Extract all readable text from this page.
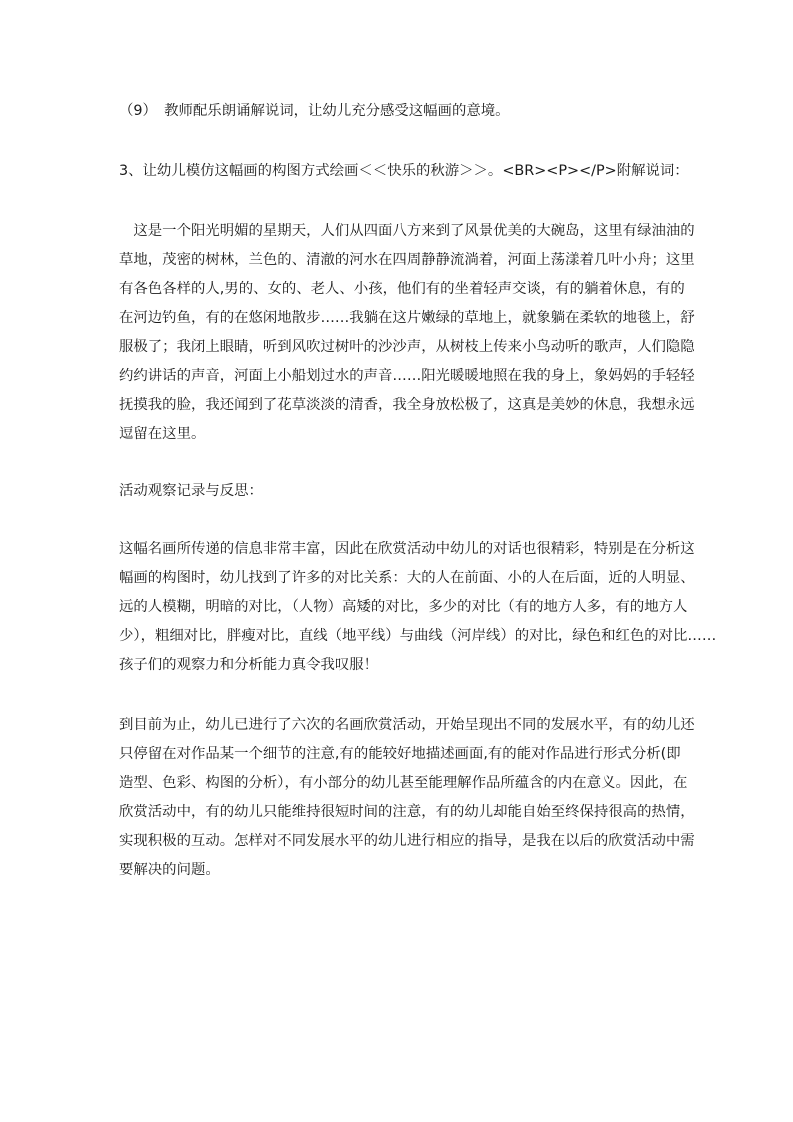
（9）　教师配乐朗诵解说词，让幼儿充分感受这幅画的意境。

3、让幼儿模仿这幅画的构图方式绘画＜＜快乐的秋游＞＞。<BR><P></P>附解说词：

　这是一个阳光明媚的星期天，人们从四面八方来到了风景优美的大碗岛，这里有绿油油的
草地，茂密的树林，兰色的、清澈的河水在四周静静流淌着，河面上荡漾着几叶小舟；这里
有各色各样的人,男的、女的、老人、小孩，他们有的坐着轻声交谈，有的躺着休息，有的
在河边钓鱼，有的在悠闲地散步……我躺在这片嫩绿的草地上，就象躺在柔软的地毯上，舒
服极了；我闭上眼睛，听到风吹过树叶的沙沙声，从树枝上传来小鸟动听的歌声，人们隐隐
约约讲话的声音，河面上小船划过水的声音……阳光暖暖地照在我的身上，象妈妈的手轻轻
抚摸我的脸，我还闻到了花草淡淡的清香，我全身放松极了，这真是美妙的休息，我想永远
逗留在这里。

活动观察记录与反思：

这幅名画所传递的信息非常丰富，因此在欣赏活动中幼儿的对话也很精彩，特别是在分析这
幅画的构图时，幼儿找到了许多的对比关系：大的人在前面、小的人在后面，近的人明显、
远的人模糊，明暗的对比，（人物）高矮的对比，多少的对比（有的地方人多，有的地方人
少），粗细对比，胖瘦对比，直线（地平线）与曲线（河岸线）的对比，绿色和红色的对比……
孩子们的观察力和分析能力真令我叹服！
到目前为止，幼儿已进行了六次的名画欣赏活动，开始呈现出不同的发展水平，有的幼儿还
只停留在对作品某一个细节的注意,有的能较好地描述画面,有的能对作品进行形式分析(即
造型、色彩、构图的分析），有小部分的幼儿甚至能理解作品所蕴含的内在意义。因此，在
欣赏活动中，有的幼儿只能维持很短时间的注意，有的幼儿却能自始至终保持很高的热情，
实现积极的互动。怎样对不同发展水平的幼儿进行相应的指导，是我在以后的欣赏活动中需
要解决的问题。
